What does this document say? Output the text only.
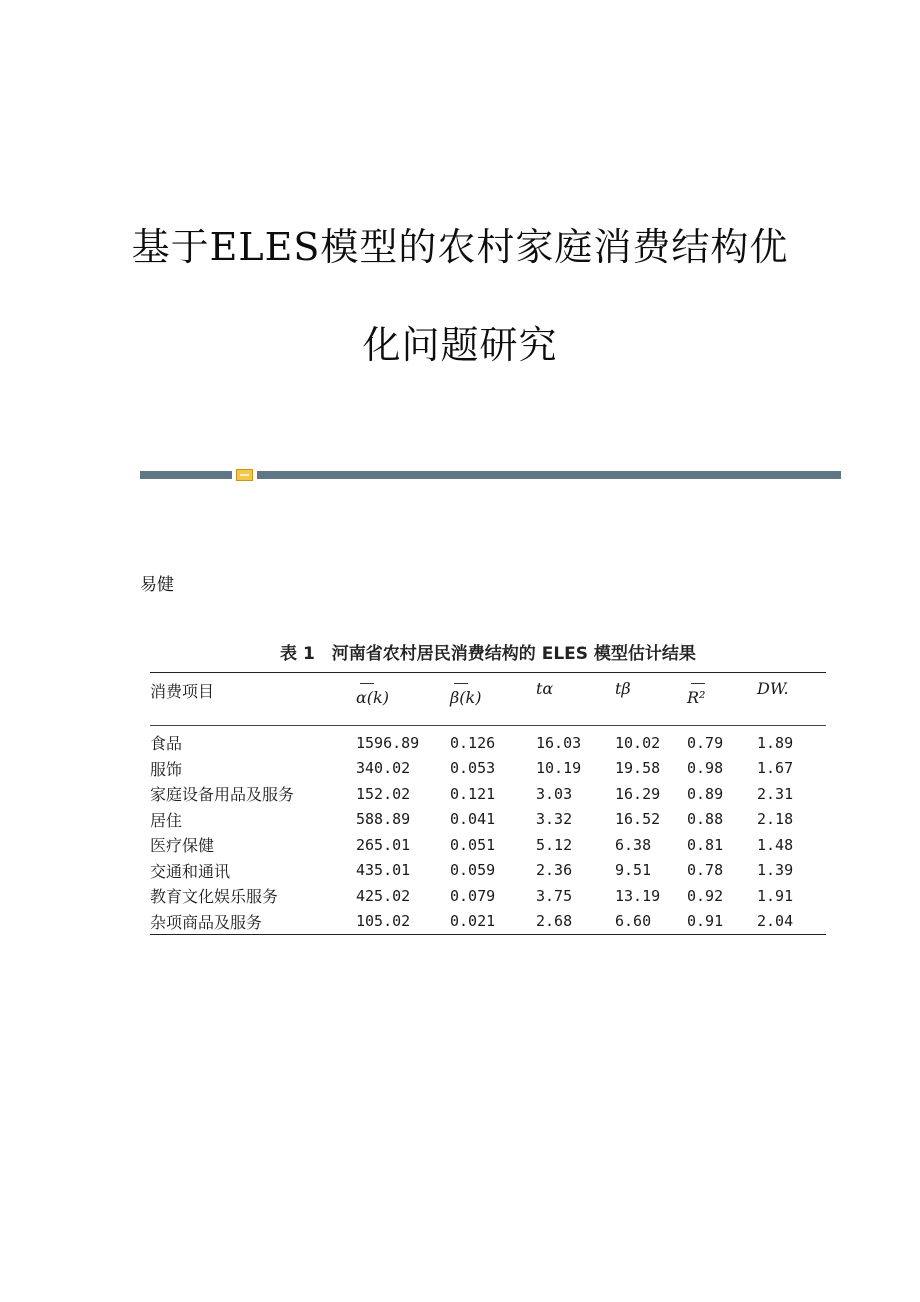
基于ELES模型的农村家庭消费结构优
化问题研究
易健
表 1　河南省农村居民消费结构的 ELES 模型估计结果
消费项目	α(k)	β(k)	tα	tβ	R²	DW.

食品	1596.89	0.126	16.03	10.02	0.79	1.89
服饰	340.02	0.053	10.19	19.58	0.98	1.67
家庭设备用品及服务	152.02	0.121	3.03	16.29	0.89	2.31
居住	588.89	0.041	3.32	16.52	0.88	2.18
医疗保健	265.01	0.051	5.12	6.38	0.81	1.48
交通和通讯	435.01	0.059	2.36	9.51	0.78	1.39
教育文化娱乐服务	425.02	0.079	3.75	13.19	0.92	1.91
杂项商品及服务	105.02	0.021	2.68	6.60	0.91	2.04
